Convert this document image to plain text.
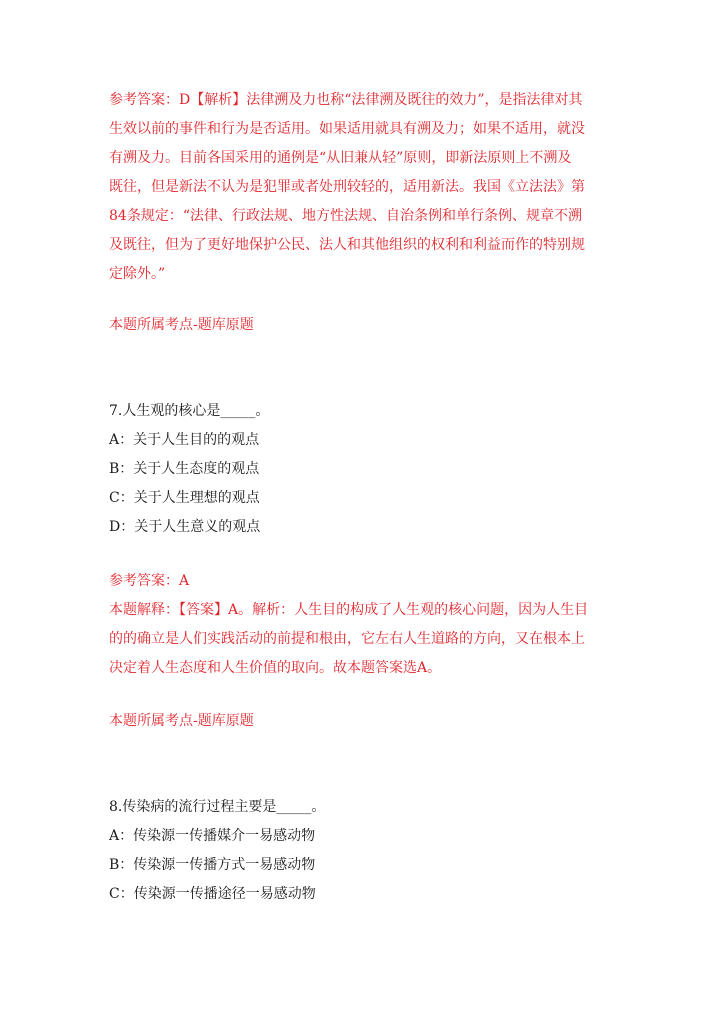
参考答案：D【解析】法律溯及力也称“法律溯及既往的效力”，是指法律对其
生效以前的事件和行为是否适用。如果适用就具有溯及力；如果不适用，就没
有溯及力。目前各国采用的通例是“从旧兼从轻”原则，即新法原则上不溯及
既往，但是新法不认为是犯罪或者处刑较轻的，适用新法。我国《立法法》第
84条规定：“法律、行政法规、地方性法规、自治条例和单行条例、规章不溯
及既往，但为了更好地保护公民、法人和其他组织的权利和利益而作的特别规
定除外。”
本题所属考点-题库原题
7.人生观的核心是_____。
A：关于人生目的的观点
B：关于人生态度的观点
C：关于人生理想的观点
D：关于人生意义的观点
参考答案：A
本题解释：【答案】A。解析：人生目的构成了人生观的核心问题，因为人生目
的的确立是人们实践活动的前提和根由，它左右人生道路的方向，又在根本上
决定着人生态度和人生价值的取向。故本题答案选A。
本题所属考点-题库原题
8.传染病的流行过程主要是_____。
A：传染源一传播媒介一易感动物
B：传染源一传播方式一易感动物
C：传染源一传播途径一易感动物
